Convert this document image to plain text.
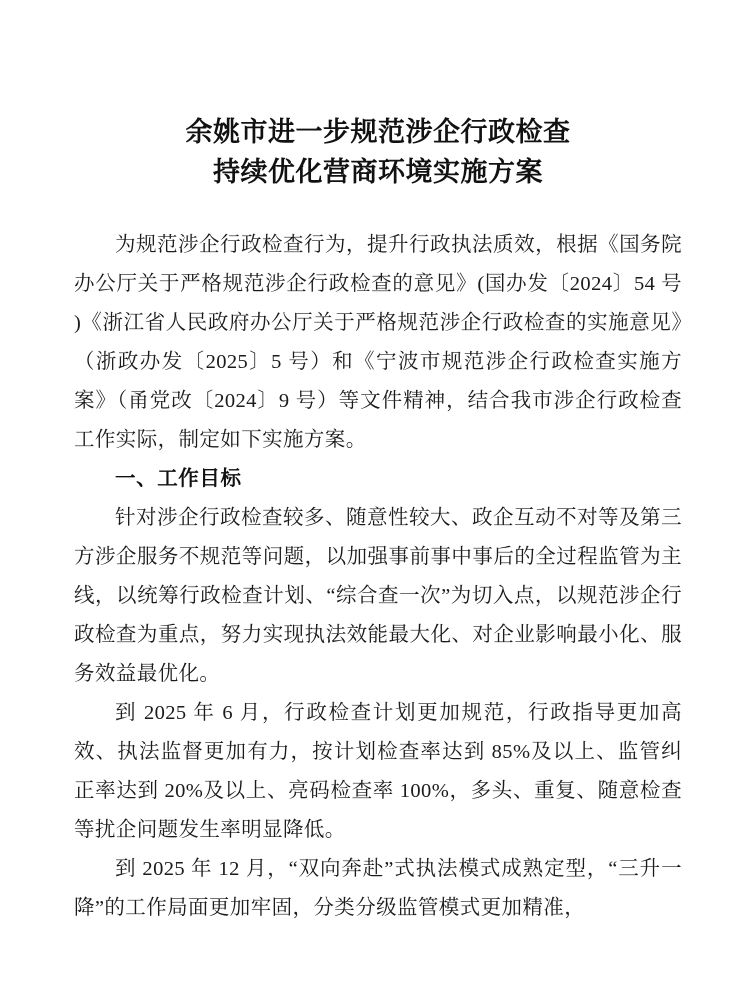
余姚市进一步规范涉企行政检查
持续优化营商环境实施方案

为规范涉企行政检查行为，提升行政执法质效，根据《国务院办公厅关于严格规范涉企行政检查的意见》(国办发〔2024〕54 号 )《浙江省人民政府办公厅关于严格规范涉企行政检查的实施意见》（浙政办发〔2025〕5 号）和《宁波市规范涉企行政检查实施方案》（甬党改〔2024〕9 号）等文件精神，结合我市涉企行政检查工作实际，制定如下实施方案。

一、工作目标

针对涉企行政检查较多、随意性较大、政企互动不对等及第三方涉企服务不规范等问题，以加强事前事中事后的全过程监管为主线，以统筹行政检查计划、“综合查一次”为切入点，以规范涉企行政检查为重点，努力实现执法效能最大化、对企业影响最小化、服务效益最优化。

到 2025 年 6 月，行政检查计划更加规范，行政指导更加高效、执法监督更加有力，按计划检查率达到 85%及以上、监管纠正率达到 20%及以上、亮码检查率 100%，多头、重复、随意检查等扰企问题发生率明显降低。

到 2025 年 12 月，“双向奔赴”式执法模式成熟定型，“三升一降”的工作局面更加牢固，分类分级监管模式更加精准，
